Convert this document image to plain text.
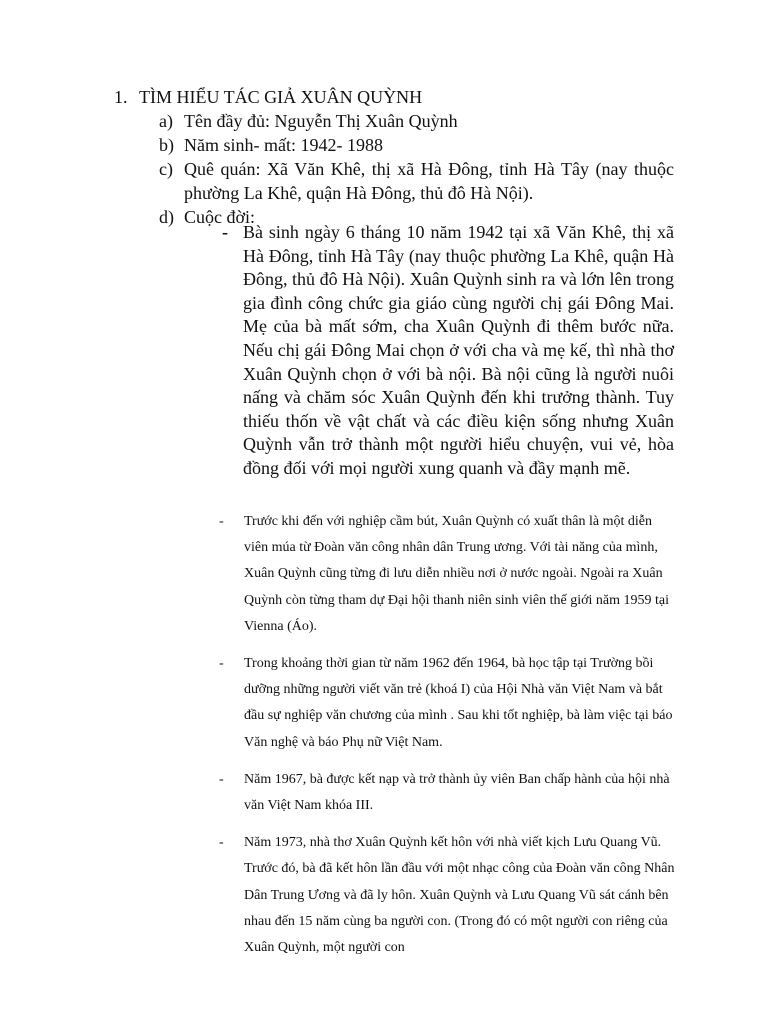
1. TÌM HIỂU TÁC GIẢ XUÂN QUỲNH
a) Tên đầy đủ: Nguyễn Thị Xuân Quỳnh
b) Năm sinh- mất: 1942- 1988
c) Quê quán: Xã Văn Khê, thị xã Hà Đông, tỉnh Hà Tây (nay thuộc phường La Khê, quận Hà Đông, thủ đô Hà Nội).
d) Cuộc đời:
- Bà sinh ngày 6 tháng 10 năm 1942 tại xã Văn Khê, thị xã Hà Đông, tỉnh Hà Tây (nay thuộc phường La Khê, quận Hà Đông, thủ đô Hà Nội). Xuân Quỳnh sinh ra và lớn lên trong gia đình công chức gia giáo cùng người chị gái Đông Mai. Mẹ của bà mất sớm, cha Xuân Quỳnh đi thêm bước nữa. Nếu chị gái Đông Mai chọn ở với cha và mẹ kế, thì nhà thơ Xuân Quỳnh chọn ở với bà nội. Bà nội cũng là người nuôi nấng và chăm sóc Xuân Quỳnh đến khi trưởng thành. Tuy thiếu thốn về vật chất và các điều kiện sống nhưng Xuân Quỳnh vẫn trở thành một người hiểu chuyện, vui vẻ, hòa đồng đối với mọi người xung quanh và đầy mạnh mẽ.
- Trước khi đến với nghiệp cầm bút, Xuân Quỳnh có xuất thân là một diễn viên múa từ Đoàn văn công nhân dân Trung ương. Với tài năng của mình, Xuân Quỳnh cũng từng đi lưu diễn nhiều nơi ở nước ngoài. Ngoài ra Xuân Quỳnh còn từng tham dự Đại hội thanh niên sinh viên thế giới năm 1959 tại Vienna (Áo).
- Trong khoảng thời gian từ năm 1962 đến 1964, bà học tập tại Trường bồi dưỡng những người viết văn trẻ (khoá I) của Hội Nhà văn Việt Nam và bắt đầu sự nghiệp văn chương của mình . Sau khi tốt nghiệp, bà làm việc tại báo Văn nghệ và báo Phụ nữ Việt Nam.
- Năm 1967, bà được kết nạp và trở thành ủy viên Ban chấp hành của hội nhà văn Việt Nam khóa III.
- Năm 1973, nhà thơ Xuân Quỳnh kết hôn với nhà viết kịch Lưu Quang Vũ. Trước đó, bà đã kết hôn lần đầu với một nhạc công của Đoàn văn công Nhân Dân Trung Ương và đã ly hôn. Xuân Quỳnh và Lưu Quang Vũ sát cánh bên nhau đến 15 năm cùng ba người con. (Trong đó có một người con riêng của Xuân Quỳnh, một người con
